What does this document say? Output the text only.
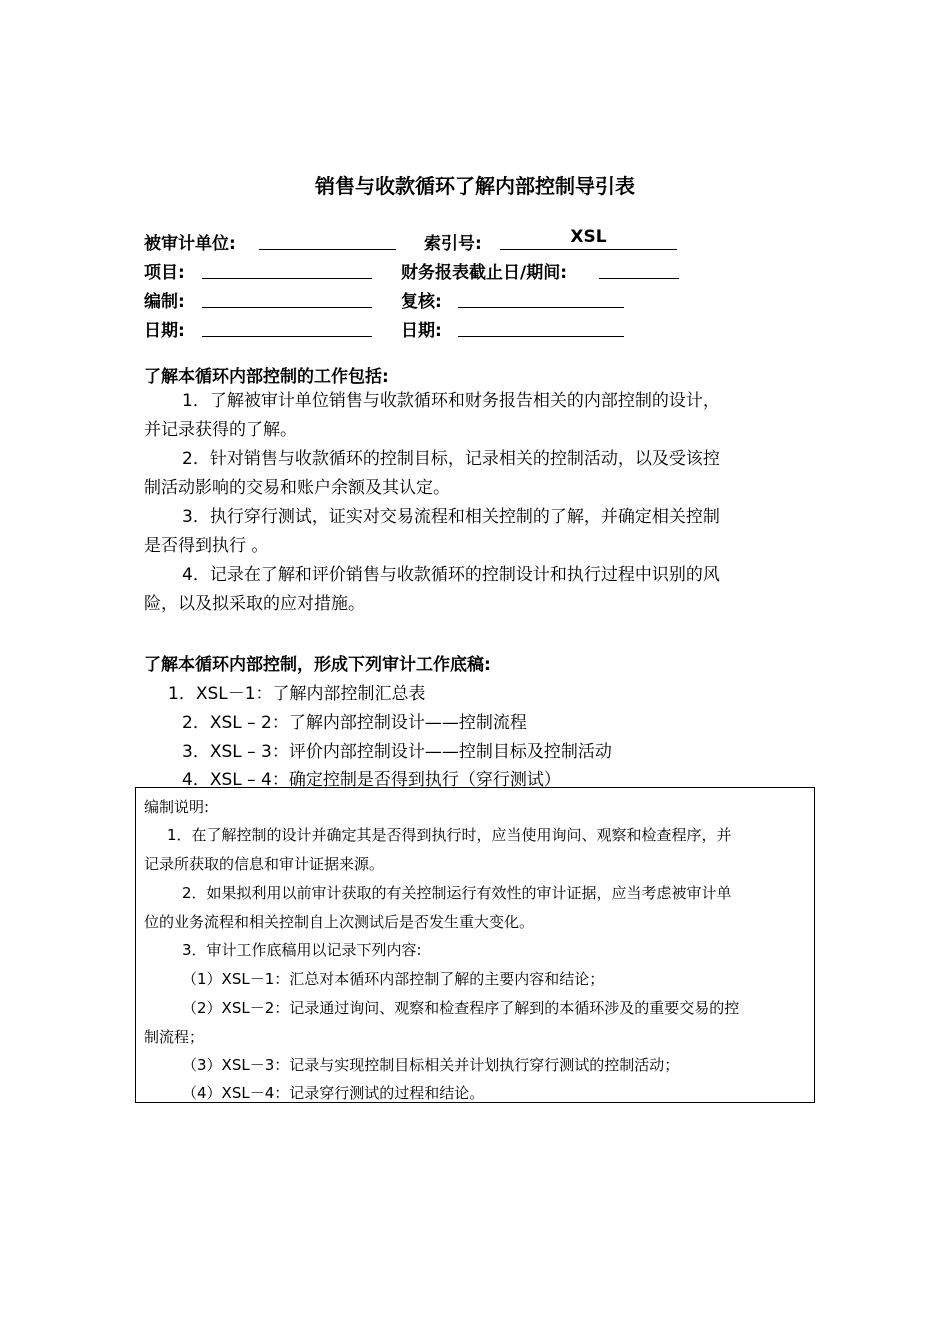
销售与收款循环了解内部控制导引表
被审计单位:	索引号:	XSL
项目:	财务报表截止日/期间:
编制:	复核:
日期:	日期:
了解本循环内部控制的工作包括:
1．了解被审计单位销售与收款循环和财务报告相关的内部控制的设计，
并记录获得的了解。
2．针对销售与收款循环的控制目标，记录相关的控制活动，以及受该控
制活动影响的交易和账户余额及其认定。
3．执行穿行测试，证实对交易流程和相关控制的了解，并确定相关控制
是否得到执行 。
4．记录在了解和评价销售与收款循环的控制设计和执行过程中识别的风
险，以及拟采取的应对措施。
了解本循环内部控制，形成下列审计工作底稿:
1．XSL－1：了解内部控制汇总表
2．XSL – 2：了解内部控制设计——控制流程
3．XSL – 3：评价内部控制设计——控制目标及控制活动
4．XSL – 4：确定控制是否得到执行（穿行测试）
编制说明:
1．在了解控制的设计并确定其是否得到执行时，应当使用询问、观察和检查程序，并
记录所获取的信息和审计证据来源。
2．如果拟利用以前审计获取的有关控制运行有效性的审计证据，应当考虑被审计单
位的业务流程和相关控制自上次测试后是否发生重大变化。
3．审计工作底稿用以记录下列内容:
（1）XSL－1：汇总对本循环内部控制了解的主要内容和结论；
（2）XSL－2：记录通过询问、观察和检查程序了解到的本循环涉及的重要交易的控
制流程；
（3）XSL－3：记录与实现控制目标相关并计划执行穿行测试的控制活动；
（4）XSL－4：记录穿行测试的过程和结论。
